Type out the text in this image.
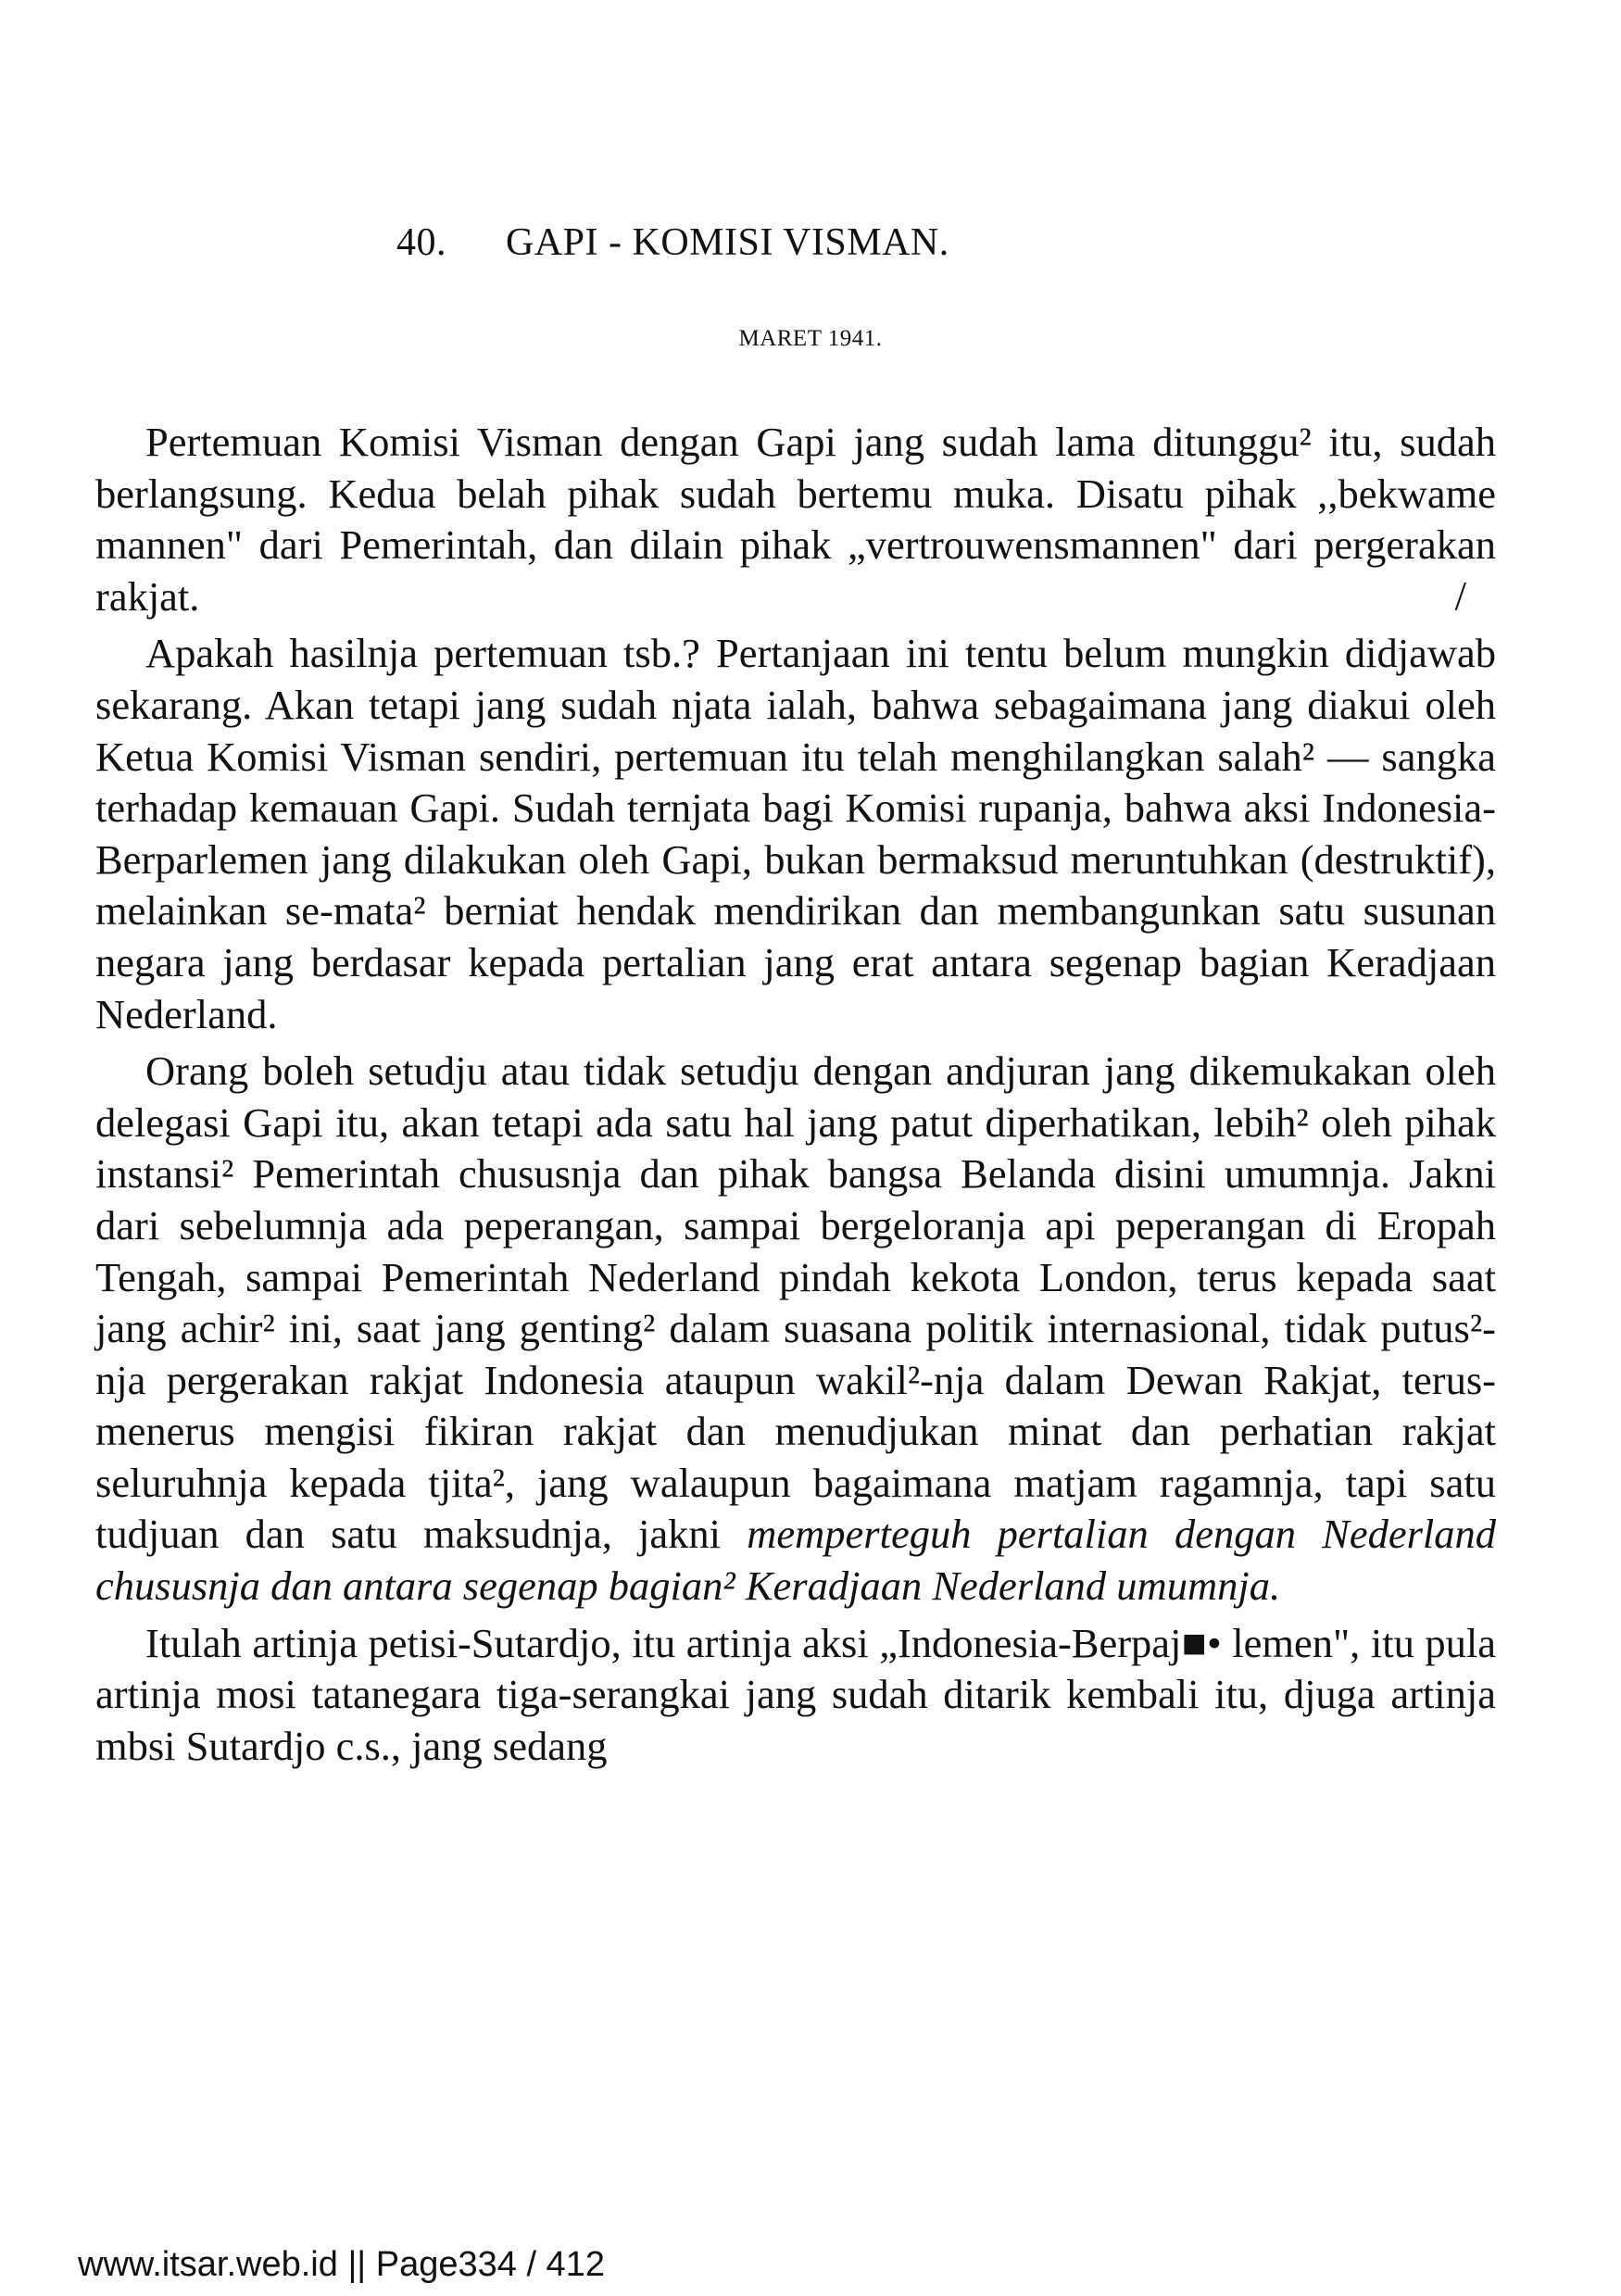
40. GAPI - KOMISI VISMAN.
MARET 1941.

Pertemuan Komisi Visman dengan Gapi jang sudah lama ditunggu² itu, sudah berlangsung. Kedua belah pihak sudah bertemu muka. Disatu pihak ,,bekwame mannen" dari Pemerintah, dan dilain pihak „vertrouwensmannen" dari pergerakan rakjat.	/

Apakah hasilnja pertemuan tsb.? Pertanjaan ini tentu belum mungkin didjawab sekarang. Akan tetapi jang sudah njata ialah, bahwa sebagaimana jang diakui oleh Ketua Komisi Visman sendiri, pertemuan itu telah menghilangkan salah² — sangka terhadap kemauan Gapi. Sudah ternjata bagi Komisi rupanja, bahwa aksi Indonesia-Berparlemen jang dilakukan oleh Gapi, bukan bermaksud meruntuhkan (destruktif), melainkan se-mata² berniat hendak mendirikan dan membangunkan satu susunan negara jang berdasar kepada pertalian jang erat antara segenap bagian Keradjaan Nederland.

Orang boleh setudju atau tidak setudju dengan andjuran jang dikemukakan oleh delegasi Gapi itu, akan tetapi ada satu hal jang patut diperhatikan, lebih² oleh pihak instansi² Pemerintah chususnja dan pihak bangsa Belanda disini umumnja. Jakni dari sebelumnja ada peperangan, sampai bergeloranja api peperangan di Eropah Tengah, sampai Pemerintah Nederland pindah kekota London, terus kepada saat jang achir² ini, saat jang genting² dalam suasana politik internasional, tidak putus²-nja pergerakan rakjat Indonesia ataupun wakil²-nja dalam Dewan Rakjat, terus-menerus mengisi fikiran rakjat dan menudjukan minat dan perhatian rakjat seluruhnja kepada tjita², jang walaupun bagaimana matjam ragamnja, tapi satu tudjuan dan satu maksudnja, jakni memperteguh pertalian dengan Nederland chususnja dan antara segenap bagian² Keradjaan Nederland umumnja.

Itulah artinja petisi-Sutardjo, itu artinja aksi „Indonesia-Berpaj■• lemen", itu pula artinja mosi tatanegara tiga-serangkai jang sudah ditarik kembali itu, djuga artinja mbsi Sutardjo c.s., jang sedang

www.itsar.web.id || Page334 / 412
